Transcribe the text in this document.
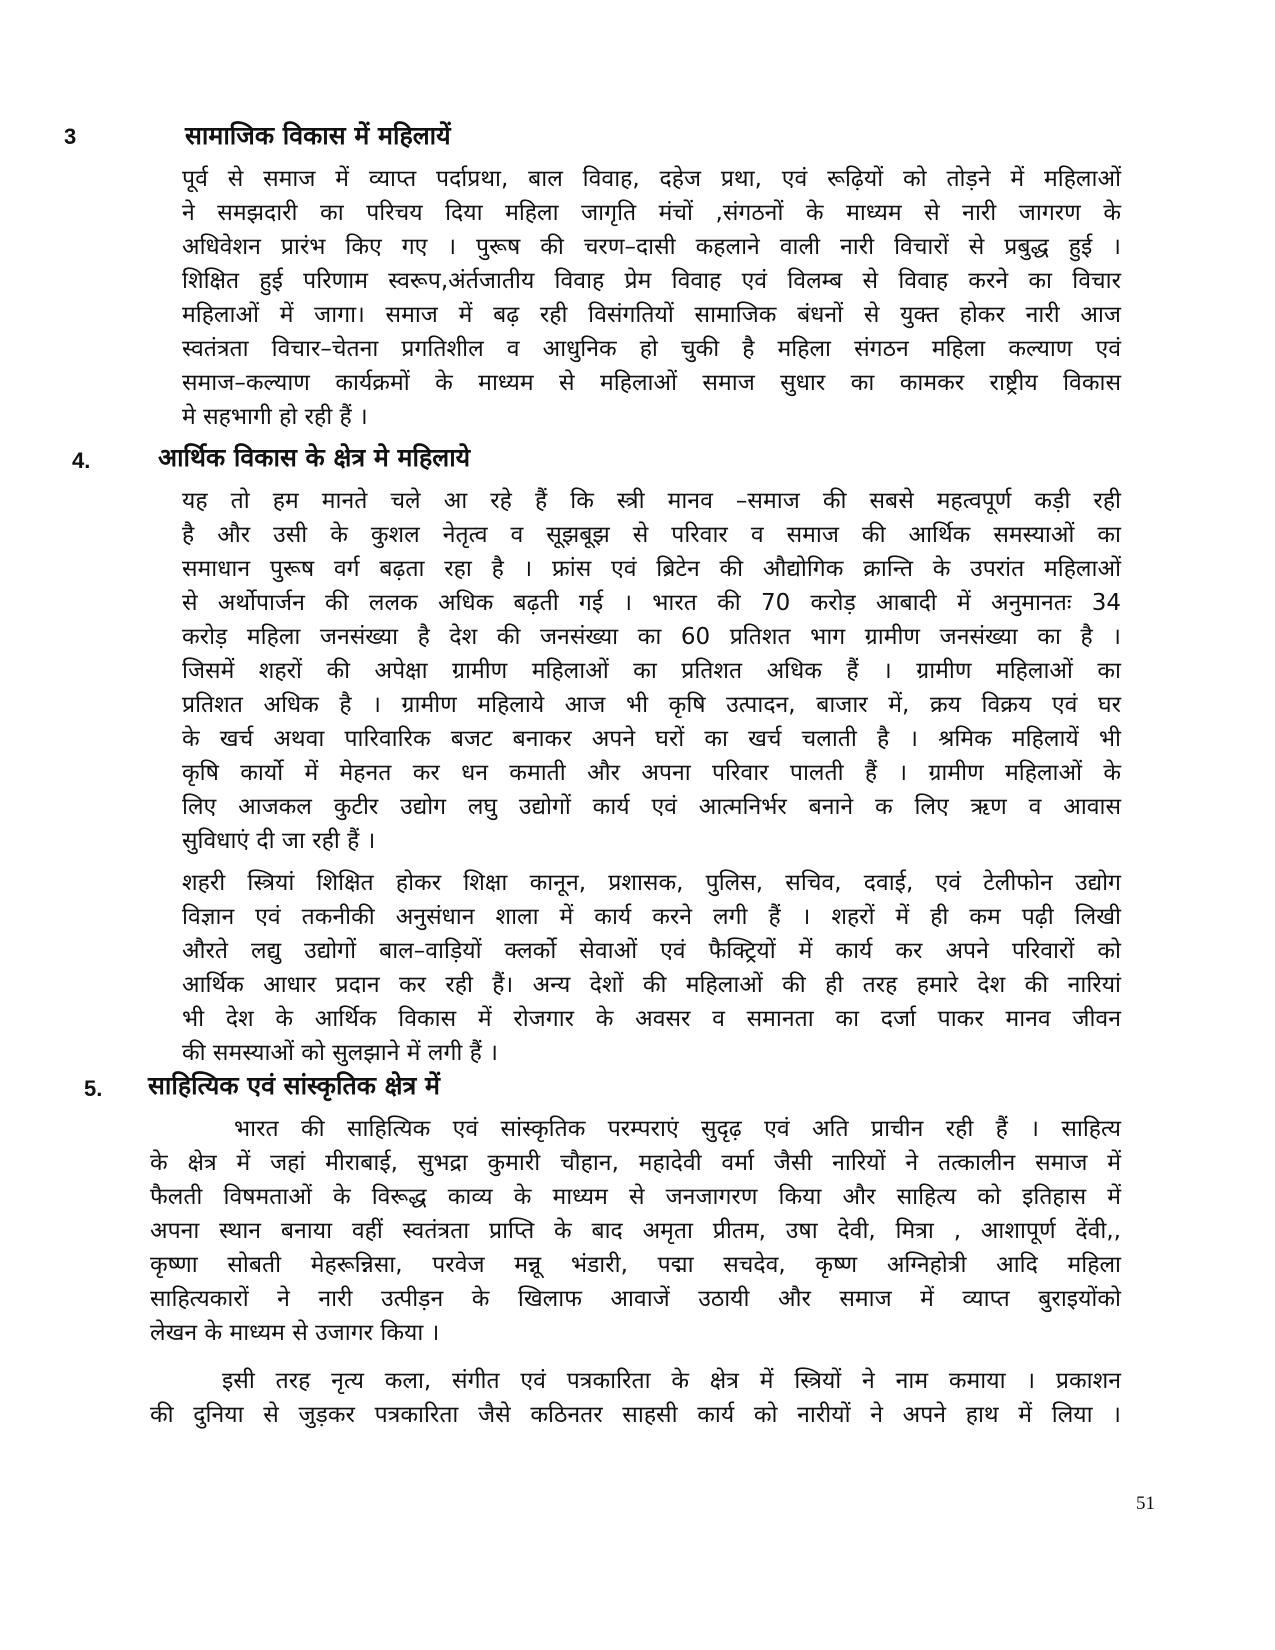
3	सामाजिक विकास में महिलायें
पूर्व से समाज में व्याप्त पर्दाप्रथा, बाल विवाह, दहेज प्रथा, एवं रूढ़ियों को तोड़ने में महिलाओं
ने समझदारी का परिचय दिया महिला जागृति मंचों ,संगठनों के माध्यम से नारी जागरण के
अधिवेशन प्रारंभ किए गए । पुरूष की चरण–दासी कहलाने वाली नारी विचारों से प्रबुद्ध हुई ।
शिक्षित हुई परिणाम स्वरूप,अंर्तजातीय विवाह प्रेम विवाह एवं विलम्ब से विवाह करने का विचार
महिलाओं में जागा। समाज में बढ़ रही विसंगतियों सामाजिक बंधनों से युक्त होकर नारी आज
स्वतंत्रता विचार–चेतना प्रगतिशील व आधुनिक हो चुकी है महिला संगठन महिला कल्याण एवं
समाज–कल्याण कार्यक्रमों के माध्यम से महिलाओं समाज सुधार का कामकर राष्ट्रीय विकास
मे सहभागी हो रही हैं ।
4.	आर्थिक विकास के क्षेत्र मे महिलाये
यह तो हम मानते चले आ रहे हैं कि स्त्री मानव –समाज की सबसे महत्वपूर्ण कड़ी रही
है और उसी के कुशल नेतृत्व व सूझबूझ से परिवार व समाज की आर्थिक समस्याओं का
समाधान पुरूष वर्ग बढ़ता रहा है । फ्रांस एवं ब्रिटेन की औद्योगिक क्रान्ति के उपरांत महिलाओं
से अर्थोपार्जन की ललक अधिक बढ़ती गई । भारत की 70 करोड़ आबादी में अनुमानतः 34
करोड़ महिला जनसंख्या है देश की जनसंख्या का 60 प्रतिशत भाग ग्रामीण जनसंख्या का है ।
जिसमें शहरों की अपेक्षा ग्रामीण महिलाओं का प्रतिशत अधिक हैं । ग्रामीण महिलाओं का
प्रतिशत अधिक है । ग्रामीण महिलाये आज भी कृषि उत्पादन, बाजार में, क्रय विक्रय एवं घर
के खर्च अथवा पारिवारिक बजट बनाकर अपने घरों का खर्च चलाती है । श्रमिक महिलायें भी
कृषि कार्यो में मेहनत कर धन कमाती और अपना परिवार पालती हैं । ग्रामीण महिलाओं के
लिए आजकल कुटीर उद्योग लघु उद्योगों कार्य एवं आत्मनिर्भर बनाने क लिए ऋण व आवास
सुविधाएं दी जा रही हैं ।
शहरी स्त्रियां शिक्षित होकर शिक्षा कानून, प्रशासक, पुलिस, सचिव, दवाई, एवं टेलीफोन उद्योग
विज्ञान एवं तकनीकी अनुसंधान शाला में कार्य करने लगी हैं । शहरों में ही कम पढ़ी लिखी
औरते लद्यु उद्योगों बाल–वाड़ियों क्लर्को सेवाओं एवं फैक्ट्रियों में कार्य कर अपने परिवारों को
आर्थिक आधार प्रदान कर रही हैं। अन्य देशों की महिलाओं की ही तरह हमारे देश की नारियां
भी देश के आर्थिक विकास में रोजगार के अवसर व समानता का दर्जा पाकर मानव जीवन
की समस्याओं को सुलझाने में लगी हैं ।
5. साहित्यिक एवं सांस्कृतिक क्षेत्र में
भारत की साहित्यिक एवं सांस्कृतिक परम्पराएं सुदृढ़ एवं अति प्राचीन रही हैं । साहित्य
के क्षेत्र में जहां मीराबाई, सुभद्रा कुमारी चौहान, महादेवी वर्मा जैसी नारियों ने तत्कालीन समाज में
फैलती विषमताओं के विरूद्ध काव्य के माध्यम से जनजागरण किया और साहित्य को इतिहास में
अपना स्थान बनाया वहीं स्वतंत्रता प्राप्ति के बाद अमृता प्रीतम, उषा देवी, मित्रा , आशापूर्ण देंवी,,
कृष्णा सोबती मेहरून्निसा, परवेज मन्नू भंडारी, पद्मा सचदेव, कृष्ण अग्निहोत्री आदि महिला
साहित्यकारों ने नारी उत्पीड़न के खिलाफ आवाजें उठायी और समाज में व्याप्त बुराइयोंको
लेखन के माध्यम से उजागर किया ।
इसी तरह नृत्य कला, संगीत एवं पत्रकारिता के क्षेत्र में स्त्रियों ने नाम कमाया । प्रकाशन
की दुनिया से जुड़कर पत्रकारिता जैसे कठिनतर साहसी कार्य को नारीयों ने अपने हाथ में लिया ।
51
